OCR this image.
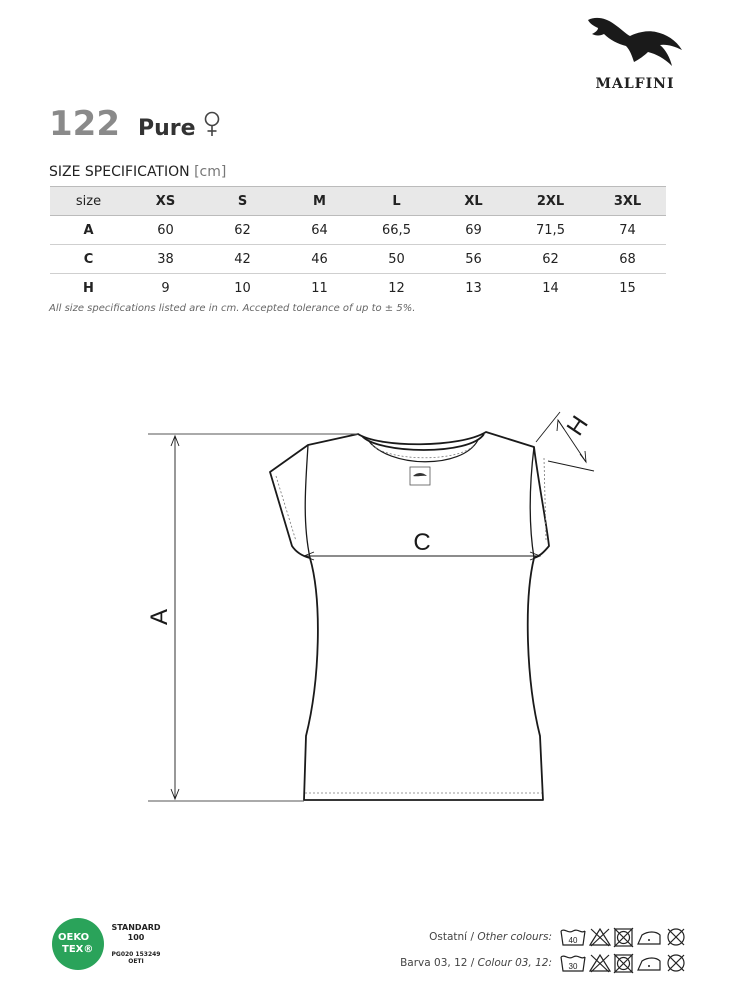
MALFINI
122 Pure
SIZE SPECIFICATION [cm]
size	XS	S	M	L	XL	2XL	3XL
A	60	62	64	66,5	69	71,5	74
C	38	42	46	50	56	62	68
H	9	10	11	12	13	14	15
All size specifications listed are in cm. Accepted tolerance of up to ± 5%.
A
C
H
OEKO
TEX®
STANDARD
100
PG020 153249
OETI
Ostatní / Other colours: 40
Barva 03, 12 / Colour 03, 12: 30
